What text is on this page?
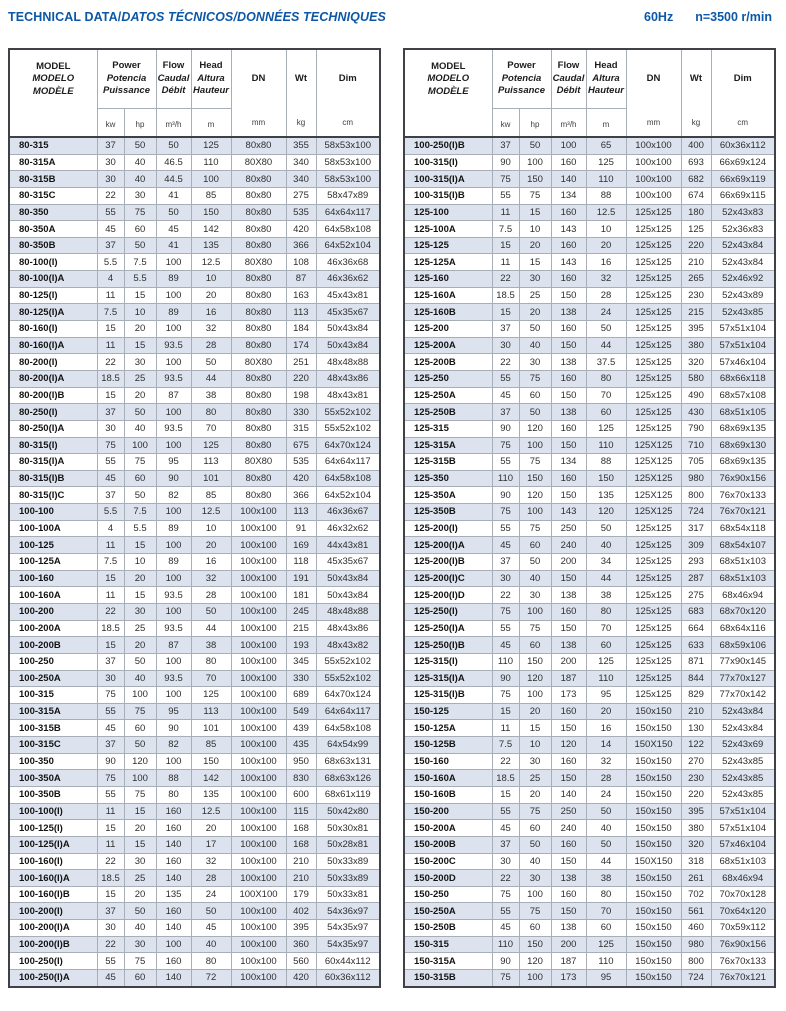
TECHNICAL DATA/DATOS TÉCNICOS/DONNÉES TECHNIQUES	60Hz n=3500 r/min
MODEL
MODELO
MODÈLE

Power
Potencia
Puissance

Flow
Caudal
Débit

Head
Altura
Hauteur

DN
mm

Wt
kg

Dim
cm

	kw	hp	m³/h	m			
80-315	37	50	50	125	80x80	355	58x53x100
80-315A	30	40	46.5	110	80X80	340	58x53x100
80-315B	30	40	44.5	100	80x80	340	58x53x100
80-315C	22	30	41	85	80x80	275	58x47x89
80-350	55	75	50	150	80x80	535	64x64x117
80-350A	45	60	45	142	80x80	420	64x58x108
80-350B	37	50	41	135	80x80	366	64x52x104
80-100(I)	5.5	7.5	100	12.5	80X80	108	46x36x68
80-100(I)A	4	5.5	89	10	80x80	87	46x36x62
80-125(I)	11	15	100	20	80x80	163	45x43x81
80-125(I)A	7.5	10	89	16	80x80	113	45x35x67
80-160(I)	15	20	100	32	80x80	184	50x43x84
80-160(I)A	11	15	93.5	28	80x80	174	50x43x84
80-200(I)	22	30	100	50	80X80	251	48x48x88
80-200(I)A	18.5	25	93.5	44	80x80	220	48x43x86
80-200(I)B	15	20	87	38	80x80	198	48x43x81
80-250(I)	37	50	100	80	80x80	330	55x52x102
80-250(I)A	30	40	93.5	70	80x80	315	55x52x102
80-315(I)	75	100	100	125	80x80	675	64x70x124
80-315(I)A	55	75	95	113	80X80	535	64x64x117
80-315(I)B	45	60	90	101	80x80	420	64x58x108
80-315(I)C	37	50	82	85	80x80	366	64x52x104
100-100	5.5	7.5	100	12.5	100x100	113	46x36x67
100-100A	4	5.5	89	10	100x100	91	46x32x62
100-125	11	15	100	20	100x100	169	44x43x81
100-125A	7.5	10	89	16	100x100	118	45x35x67
100-160	15	20	100	32	100x100	191	50x43x84
100-160A	11	15	93.5	28	100x100	181	50x43x84
100-200	22	30	100	50	100x100	245	48x48x88
100-200A	18.5	25	93.5	44	100x100	215	48x43x86
100-200B	15	20	87	38	100x100	193	48x43x82
100-250	37	50	100	80	100x100	345	55x52x102
100-250A	30	40	93.5	70	100x100	330	55x52x102
100-315	75	100	100	125	100x100	689	64x70x124
100-315A	55	75	95	113	100x100	549	64x64x117
100-315B	45	60	90	101	100x100	439	64x58x108
100-315C	37	50	82	85	100x100	435	64x54x99
100-350	90	120	100	150	100x100	950	68x63x131
100-350A	75	100	88	142	100x100	830	68x63x126
100-350B	55	75	80	135	100x100	600	68x61x119
100-100(I)	11	15	160	12.5	100x100	115	50x42x80
100-125(I)	15	20	160	20	100x100	168	50x30x81
100-125(I)A	11	15	140	17	100x100	168	50x28x81
100-160(I)	22	30	160	32	100x100	210	50x33x89
100-160(I)A	18.5	25	140	28	100x100	210	50x33x89
100-160(I)B	15	20	135	24	100X100	179	50x33x81
100-200(I)	37	50	160	50	100x100	402	54x36x97
100-200(I)A	30	40	140	45	100x100	395	54x35x97
100-200(I)B	22	30	100	40	100x100	360	54x35x97
100-250(I)	55	75	160	80	100x100	560	60x44x112
100-250(I)A	45	60	140	72	100x100	420	60x36x112
MODEL
MODELO
MODÈLE

Power
Potencia
Puissance

Flow
Caudal
Débit

Head
Altura
Hauteur

DN
mm

Wt
kg

Dim
cm

	kw	hp	m³/h	m			
100-250(I)B	37	50	100	65	100x100	400	60x36x112
100-315(I)	90	100	160	125	100x100	693	66x69x124
100-315(I)A	75	150	140	110	100x100	682	66x69x119
100-315(I)B	55	75	134	88	100x100	674	66x69x115
125-100	11	15	160	12.5	125x125	180	52x43x83
125-100A	7.5	10	143	10	125x125	125	52x36x83
125-125	15	20	160	20	125x125	220	52x43x84
125-125A	11	15	143	16	125x125	210	52x43x84
125-160	22	30	160	32	125x125	265	52x46x92
125-160A	18.5	25	150	28	125x125	230	52x43x89
125-160B	15	20	138	24	125x125	215	52x43x85
125-200	37	50	160	50	125x125	395	57x51x104
125-200A	30	40	150	44	125x125	380	57x51x104
125-200B	22	30	138	37.5	125x125	320	57x46x104
125-250	55	75	160	80	125x125	580	68x66x118
125-250A	45	60	150	70	125x125	490	68x57x108
125-250B	37	50	138	60	125x125	430	68x51x105
125-315	90	120	160	125	125x125	790	68x69x135
125-315A	75	100	150	110	125X125	710	68x69x130
125-315B	55	75	134	88	125X125	705	68x69x135
125-350	110	150	160	150	125X125	980	76x90x156
125-350A	90	120	150	135	125X125	800	76x70x133
125-350B	75	100	143	120	125X125	724	76x70x121
125-200(I)	55	75	250	50	125x125	317	68x54x118
125-200(I)A	45	60	240	40	125x125	309	68x54x107
125-200(I)B	37	50	200	34	125x125	293	68x51x103
125-200(I)C	30	40	150	44	125x125	287	68x51x103
125-200(I)D	22	30	138	38	125x125	275	68x46x94
125-250(I)	75	100	160	80	125x125	683	68x70x120
125-250(I)A	55	75	150	70	125x125	664	68x64x116
125-250(I)B	45	60	138	60	125x125	633	68x59x106
125-315(I)	110	150	200	125	125x125	871	77x90x145
125-315(I)A	90	120	187	110	125x125	844	77x70x127
125-315(I)B	75	100	173	95	125x125	829	77x70x142
150-125	15	20	160	20	150x150	210	52x43x84
150-125A	11	15	150	16	150x150	130	52x43x84
150-125B	7.5	10	120	14	150X150	122	52x43x69
150-160	22	30	160	32	150x150	270	52x43x85
150-160A	18.5	25	150	28	150x150	230	52x43x85
150-160B	15	20	140	24	150x150	220	52x43x85
150-200	55	75	250	50	150x150	395	57x51x104
150-200A	45	60	240	40	150x150	380	57x51x104
150-200B	37	50	160	50	150x150	320	57x46x104
150-200C	30	40	150	44	150X150	318	68x51x103
150-200D	22	30	138	38	150x150	261	68x46x94
150-250	75	100	160	80	150x150	702	70x70x128
150-250A	55	75	150	70	150x150	561	70x64x120
150-250B	45	60	138	60	150x150	460	70x59x112
150-315	110	150	200	125	150x150	980	76x90x156
150-315A	90	120	187	110	150x150	800	76x70x133
150-315B	75	100	173	95	150x150	724	76x70x121
